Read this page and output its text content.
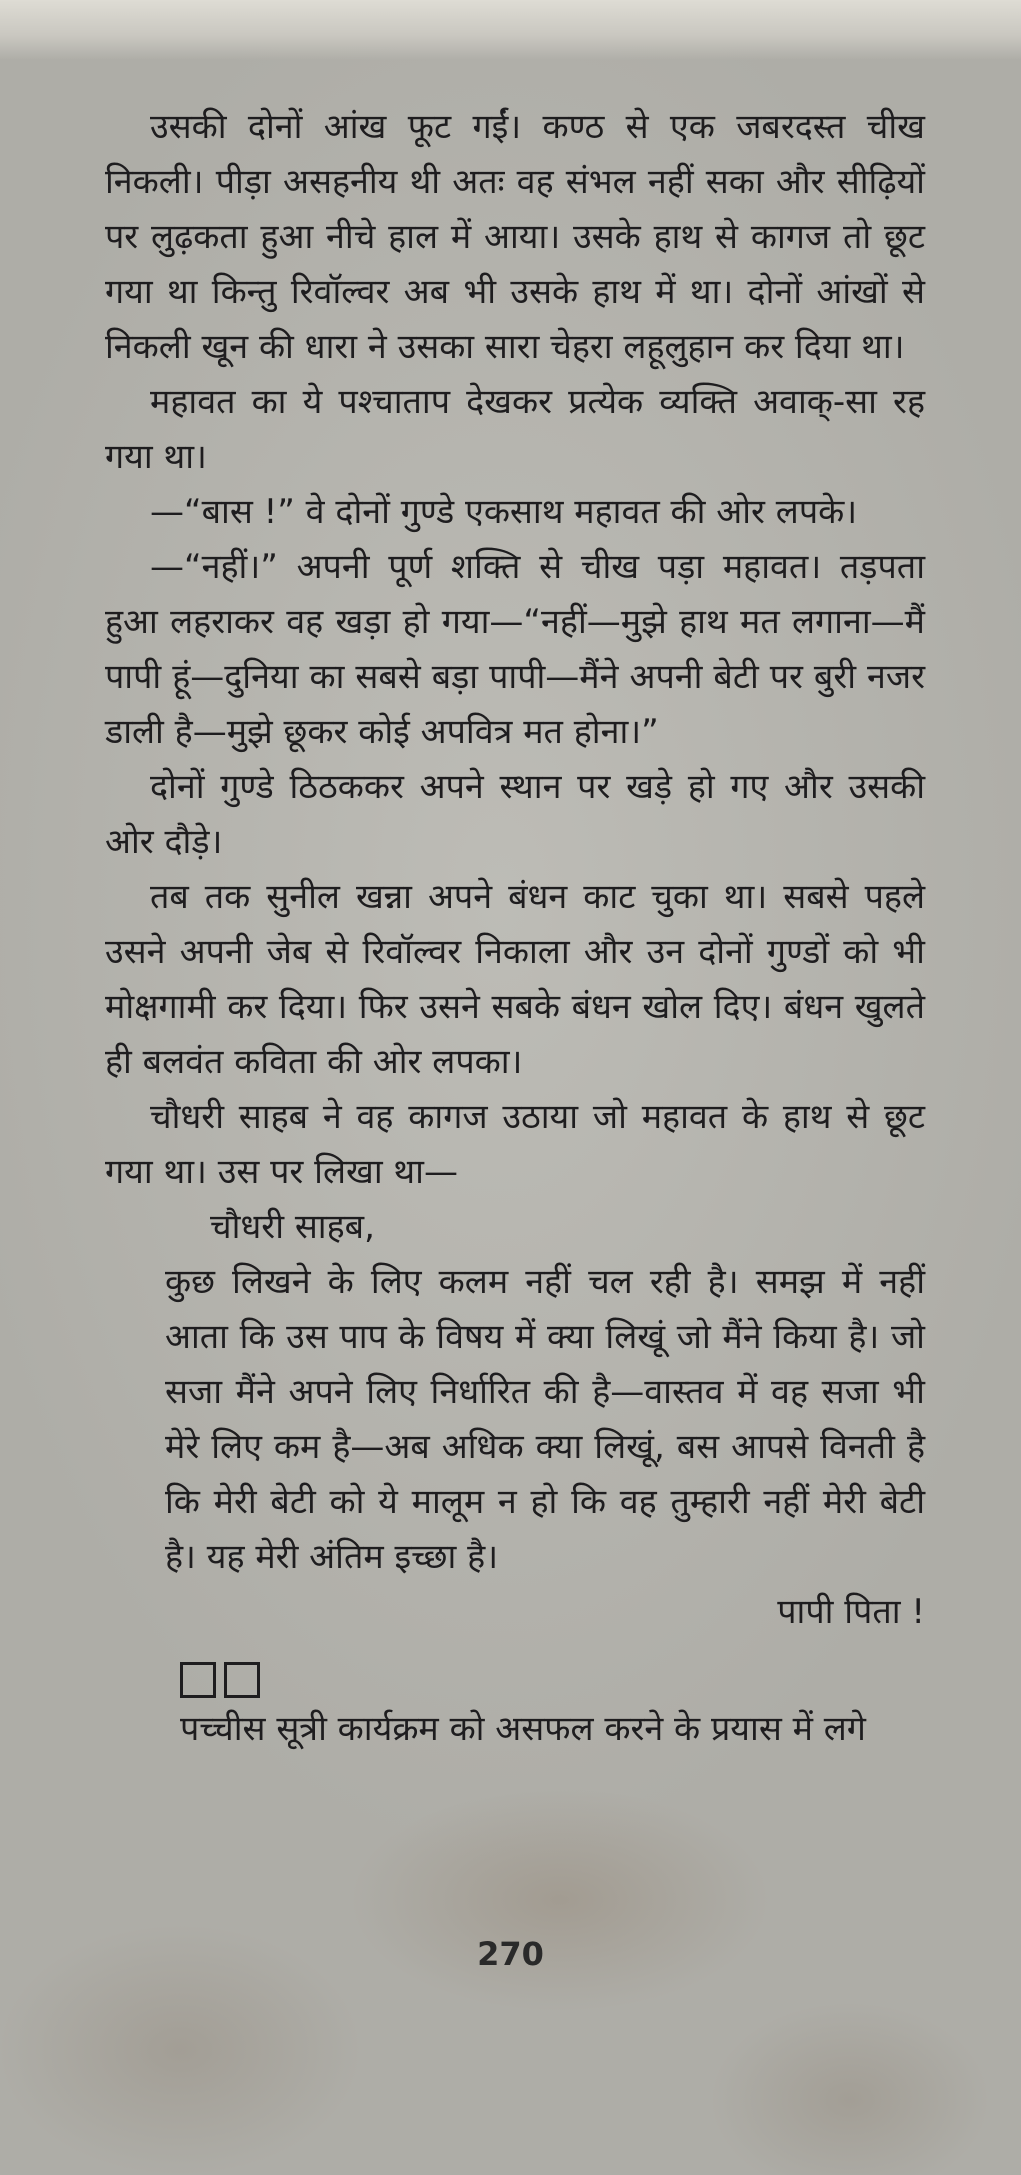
उसकी दोनों आंख फूट गईं। कण्ठ से एक जबरदस्त चीख निकली। पीड़ा असहनीय थी अतः वह संभल नहीं सका और सीढ़ियों पर लुढ़कता हुआ नीचे हाल में आया। उसके हाथ से कागज तो छूट गया था किन्तु रिवॉल्वर अब भी उसके हाथ में था। दोनों आंखों से निकली खून की धारा ने उसका सारा चेहरा लहूलुहान कर दिया था।

महावत का ये पश्चाताप देखकर प्रत्येक व्यक्ति अवाक्-सा रह गया था।

—“बास !” वे दोनों गुण्डे एकसाथ महावत की ओर लपके।

—“नहीं।” अपनी पूर्ण शक्ति से चीख पड़ा महावत। तड़पता हुआ लहराकर वह खड़ा हो गया—“नहीं—मुझे हाथ मत लगाना—मैं पापी हूं—दुनिया का सबसे बड़ा पापी—मैंने अपनी बेटी पर बुरी नजर डाली है—मुझे छूकर कोई अपवित्र मत होना।”

दोनों गुण्डे ठिठककर अपने स्थान पर खड़े हो गए और उसकी ओर दौड़े।

तब तक सुनील खन्ना अपने बंधन काट चुका था। सबसे पहले उसने अपनी जेब से रिवॉल्वर निकाला और उन दोनों गुण्डों को भी मोक्षगामी कर दिया। फिर उसने सबके बंधन खोल दिए। बंधन खुलते ही बलवंत कविता की ओर लपका।

चौधरी साहब ने वह कागज उठाया जो महावत के हाथ से छूट गया था। उस पर लिखा था—

चौधरी साहब,

कुछ लिखने के लिए कलम नहीं चल रही है। समझ में नहीं आता कि उस पाप के विषय में क्या लिखूं जो मैंने किया है। जो सजा मैंने अपने लिए निर्धारित की है—वास्तव में वह सजा भी मेरे लिए कम है—अब अधिक क्या लिखूं, बस आपसे विनती है कि मेरी बेटी को ये मालूम न हो कि वह तुम्हारी नहीं मेरी बेटी है। यह मेरी अंतिम इच्छा है।

पापी पिता !

पच्चीस सूत्री कार्यक्रम को असफल करने के प्रयास में लगे

270
